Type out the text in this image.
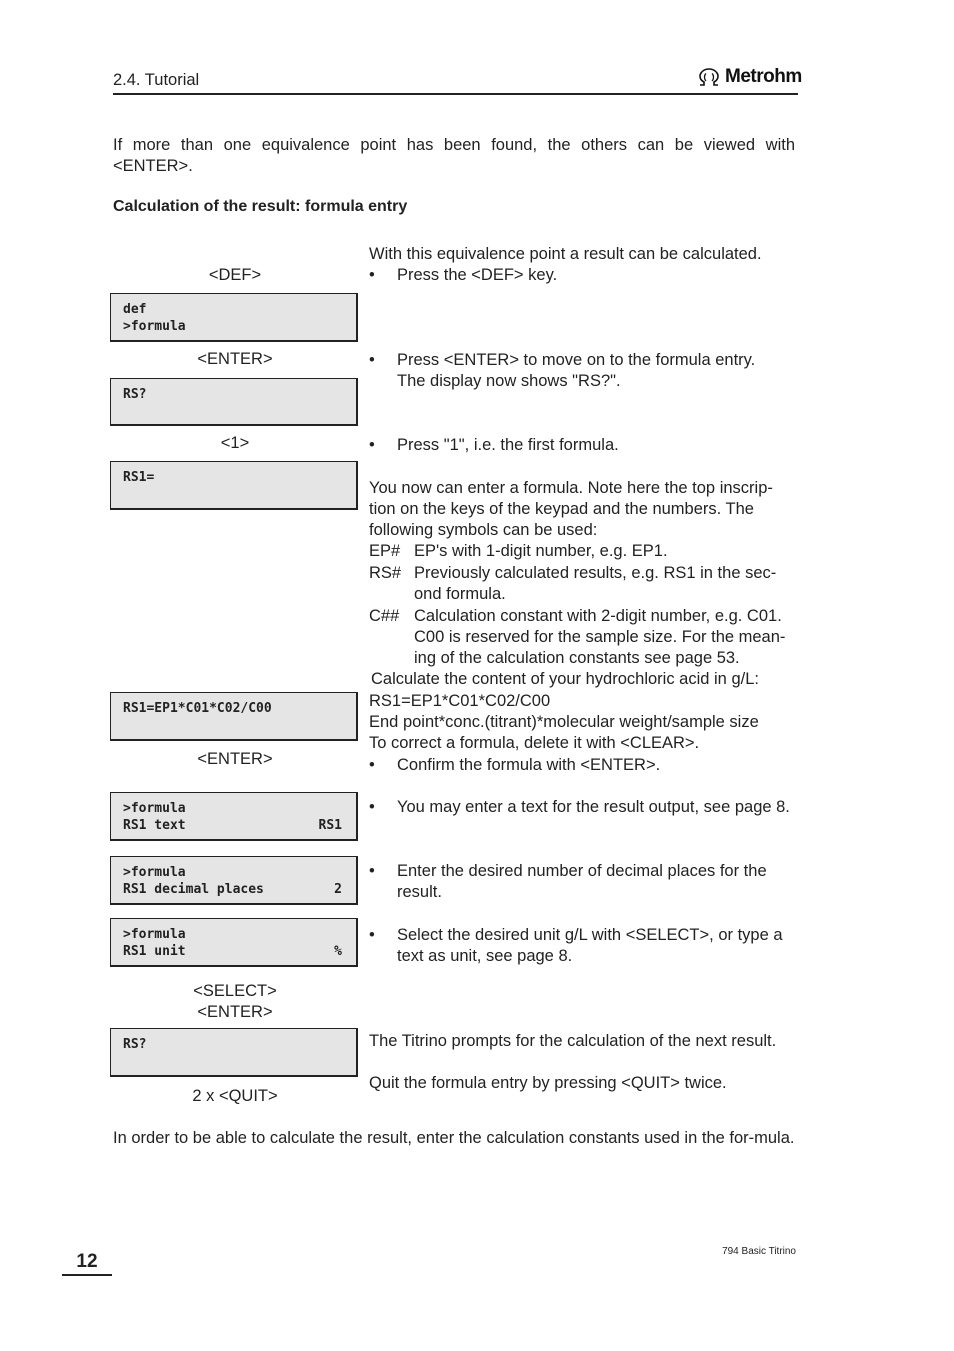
2.4. Tutorial	Metrohm
If more than one equivalence point has been found, the others can be viewed with <ENTER>.
Calculation of the result: formula entry
<DEF>
def
>formula
<ENTER>
RS?
<1>
RS1=
RS1=EP1*C01*C02/C00
<ENTER>
>formula
RS1 text	RS1
>formula
RS1 decimal places	2
>formula
RS1 unit	%
<SELECT>
<ENTER>
RS?
2 x <QUIT>
With this equivalence point a result can be calculated.
• Press the <DEF> key.
• Press <ENTER> to move on to the formula entry. The display now shows "RS?".
• Press "1", i.e. the first formula.
You now can enter a formula. Note here the top inscrip-tion on the keys of the keypad and the numbers. The following symbols can be used:
EP# EP's with 1-digit number, e.g. EP1.
RS# Previously calculated results, e.g. RS1 in the sec-ond formula.
C## Calculation constant with 2-digit number, e.g. C01. C00 is reserved for the sample size. For the mean-ing of the calculation constants see page 53.
Calculate the content of your hydrochloric acid in g/L:
RS1=EP1*C01*C02/C00
End point*conc.(titrant)*molecular weight/sample size
To correct a formula, delete it with <CLEAR>.
• Confirm the formula with <ENTER>.
• You may enter a text for the result output, see page 8.
• Enter the desired number of decimal places for the result.
• Select the desired unit g/L with <SELECT>, or type a text as unit, see page 8.
The Titrino prompts for the calculation of the next result.
Quit the formula entry by pressing <QUIT> twice.
In order to be able to calculate the result, enter the calculation constants used in the for-mula.
12	794 Basic Titrino
